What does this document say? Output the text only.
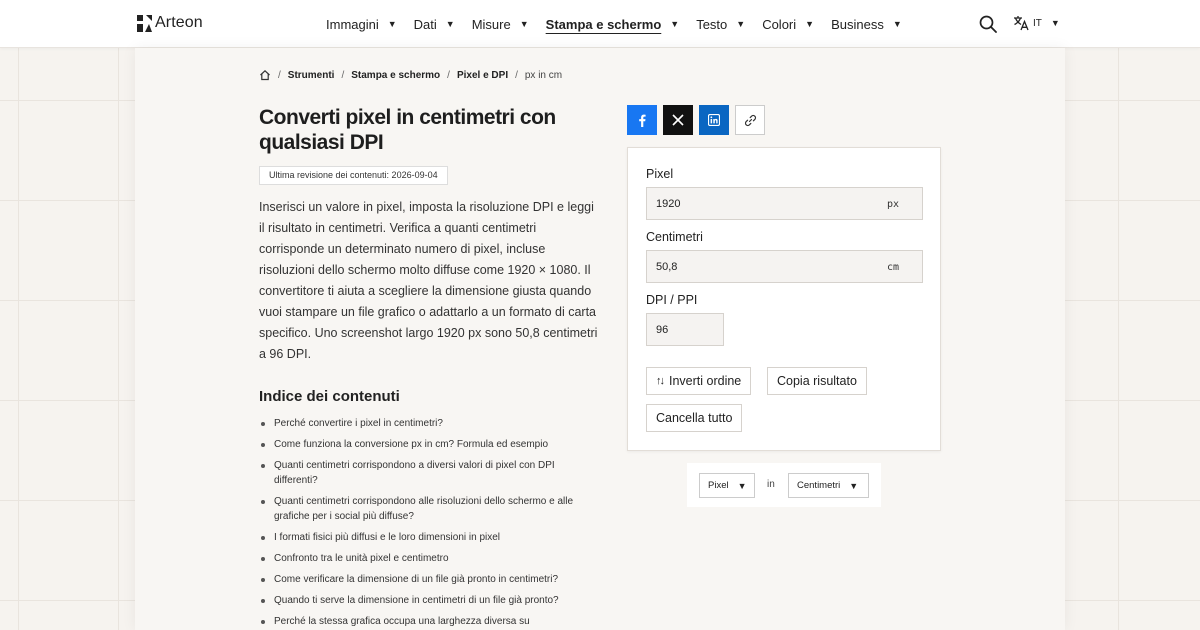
Arteon	Immagini ▼ Dati ▼ Misure ▼ Stampa e schermo ▼ Testo ▼ Colori ▼ Business ▼	IT ▼
/ Strumenti / Stampa e schermo / Pixel e DPI / px in cm
Converti pixel in centimetri con qualsiasi DPI
Ultima revisione dei contenuti: 2026-09-04

Inserisci un valore in pixel, imposta la risoluzione DPI e leggi il risultato in centimetri. Verifica a quanti centimetri corrisponde un determinato numero di pixel, incluse risoluzioni dello schermo molto diffuse come 1920 × 1080. Il convertitore ti aiuta a scegliere la dimensione giusta quando vuoi stampare un file grafico o adattarlo a un formato di carta specifico. Uno screenshot largo 1920 px sono 50,8 centimetri a 96 DPI.

Indice dei contenuti
Perché convertire i pixel in centimetri?
Come funziona la conversione px in cm? Formula ed esempio
Quanti centimetri corrispondono a diversi valori di pixel con DPI differenti?
Quanti centimetri corrispondono alle risoluzioni dello schermo e alle grafiche per i social più diffuse?
I formati fisici più diffusi e le loro dimensioni in pixel
Confronto tra le unità pixel e centimetro
Come verificare la dimensione di un file già pronto in centimetri?
Quando ti serve la dimensione in centimetri di un file già pronto?
Perché la stessa grafica occupa una larghezza diversa su
Pixel
1920	px
Centimetri
50,8	cm
DPI / PPI
96
↑↓ Inverti ordine	Copia risultato
Cancella tutto
Pixel ▼ in Centimetri ▼
